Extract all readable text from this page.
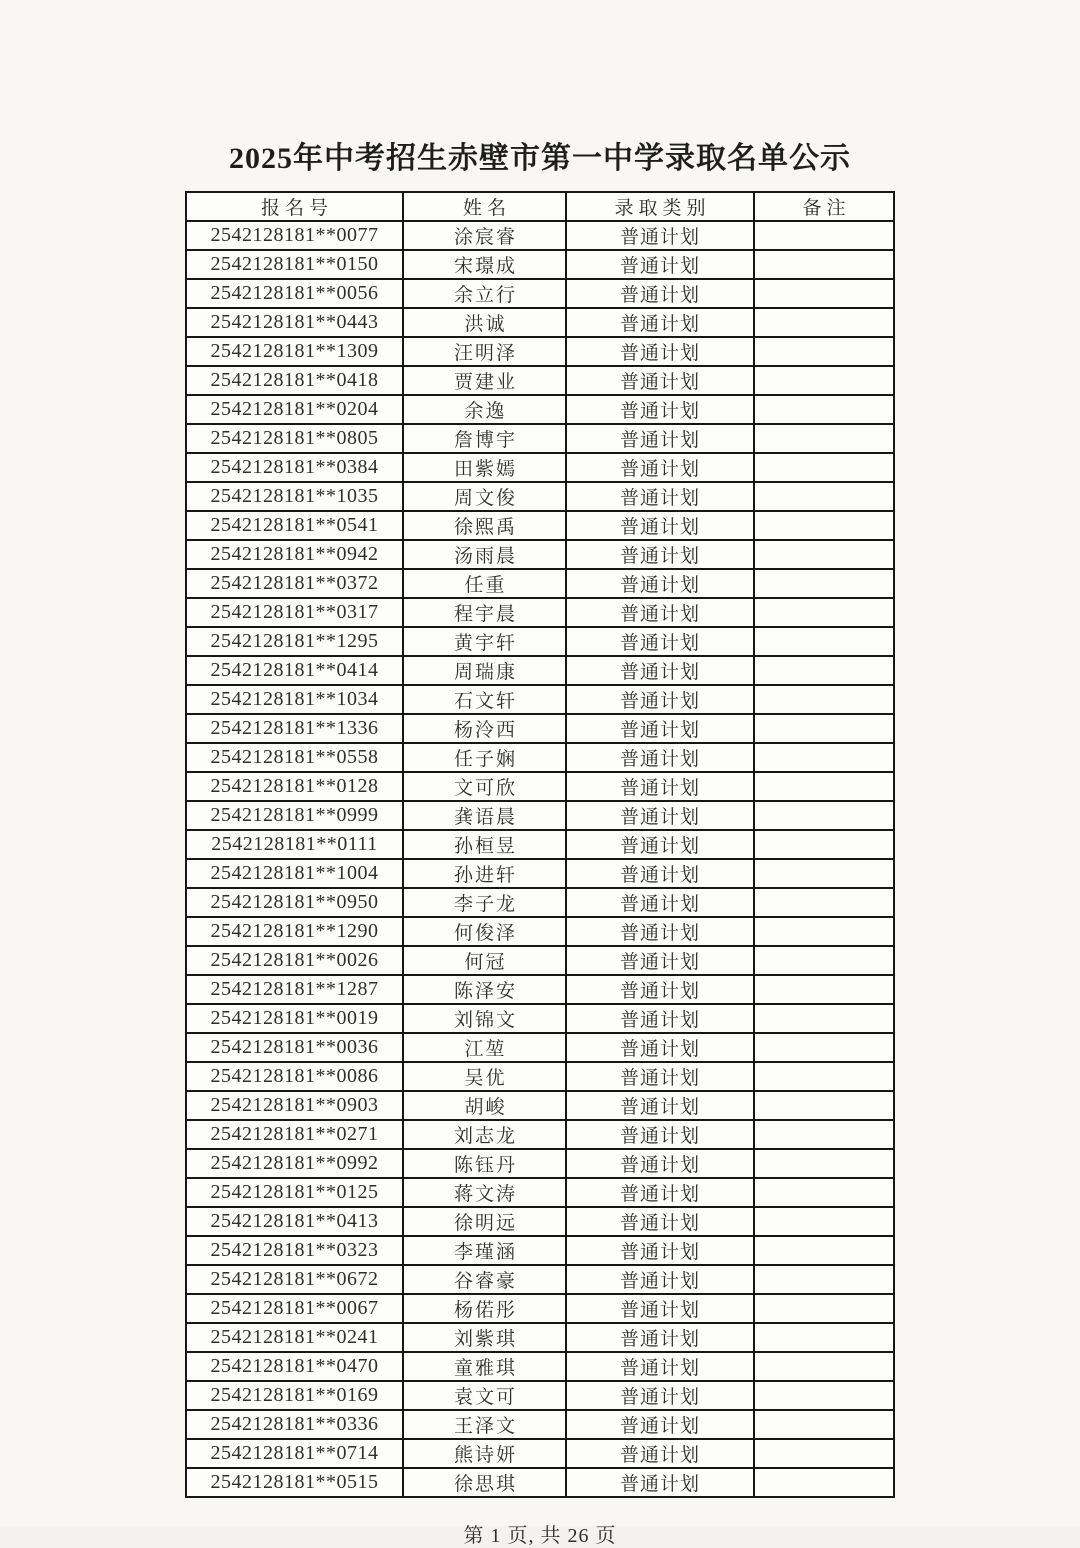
2025年中考招生赤壁市第一中学录取名单公示
报名号	姓名	录取类别	备注
2542128181**0077	涂宸睿	普通计划	
2542128181**0150	宋璟成	普通计划	
2542128181**0056	余立行	普通计划	
2542128181**0443	洪诚	普通计划	
2542128181**1309	汪明泽	普通计划	
2542128181**0418	贾建业	普通计划	
2542128181**0204	余逸	普通计划	
2542128181**0805	詹博宇	普通计划	
2542128181**0384	田紫嫣	普通计划	
2542128181**1035	周文俊	普通计划	
2542128181**0541	徐熙禹	普通计划	
2542128181**0942	汤雨晨	普通计划	
2542128181**0372	任重	普通计划	
2542128181**0317	程宇晨	普通计划	
2542128181**1295	黄宇轩	普通计划	
2542128181**0414	周瑞康	普通计划	
2542128181**1034	石文轩	普通计划	
2542128181**1336	杨泠西	普通计划	
2542128181**0558	任子娴	普通计划	
2542128181**0128	文可欣	普通计划	
2542128181**0999	龚语晨	普通计划	
2542128181**0111	孙桓昱	普通计划	
2542128181**1004	孙进轩	普通计划	
2542128181**0950	李子龙	普通计划	
2542128181**1290	何俊泽	普通计划	
2542128181**0026	何冠	普通计划	
2542128181**1287	陈泽安	普通计划	
2542128181**0019	刘锦文	普通计划	
2542128181**0036	江堃	普通计划	
2542128181**0086	吴优	普通计划	
2542128181**0903	胡峻	普通计划	
2542128181**0271	刘志龙	普通计划	
2542128181**0992	陈钰丹	普通计划	
2542128181**0125	蒋文涛	普通计划	
2542128181**0413	徐明远	普通计划	
2542128181**0323	李瑾涵	普通计划	
2542128181**0672	谷睿豪	普通计划	
2542128181**0067	杨偌彤	普通计划	
2542128181**0241	刘紫琪	普通计划	
2542128181**0470	童雅琪	普通计划	
2542128181**0169	袁文可	普通计划	
2542128181**0336	王泽文	普通计划	
2542128181**0714	熊诗妍	普通计划	
2542128181**0515	徐思琪	普通计划	
第 1 页, 共 26 页
